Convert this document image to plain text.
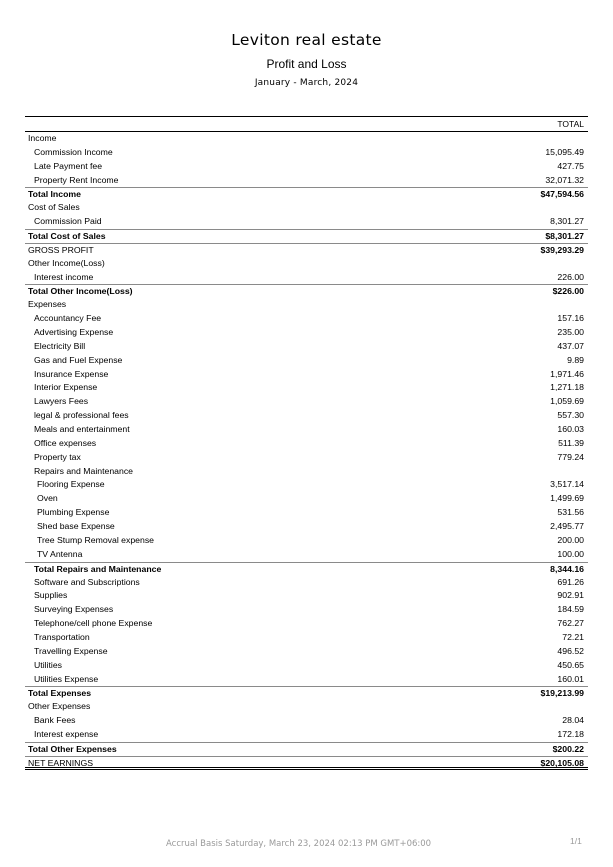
Leviton real estate
Profit and Loss
January - March, 2024
TOTAL
Income
Commission Income	15,095.49
Late Payment fee	427.75
Property Rent Income	32,071.32
Total Income	$47,594.56
Cost of Sales
Commission Paid	8,301.27
Total Cost of Sales	$8,301.27
GROSS PROFIT	$39,293.29
Other Income(Loss)
Interest income	226.00
Total Other Income(Loss)	$226.00
Expenses
Accountancy Fee	157.16
Advertising Expense	235.00
Electricity Bill	437.07
Gas and Fuel Expense	9.89
Insurance Expense	1,971.46
Interior Expense	1,271.18
Lawyers Fees	1,059.69
legal & professional fees	557.30
Meals and entertainment	160.03
Office expenses	511.39
Property tax	779.24
Repairs and Maintenance
Flooring Expense	3,517.14
Oven	1,499.69
Plumbing Expense	531.56
Shed base Expense	2,495.77
Tree Stump Removal expense	200.00
TV Antenna	100.00
Total Repairs and Maintenance	8,344.16
Software and Subscriptions	691.26
Supplies	902.91
Surveying Expenses	184.59
Telephone/cell phone Expense	762.27
Transportation	72.21
Travelling Expense	496.52
Utilities	450.65
Utilities Expense	160.01
Total Expenses	$19,213.99
Other Expenses
Bank Fees	28.04
Interest expense	172.18
Total Other Expenses	$200.22
NET EARNINGS	$20,105.08
Accrual Basis Saturday, March 23, 2024 02:13 PM GMT+06:00	1/1
